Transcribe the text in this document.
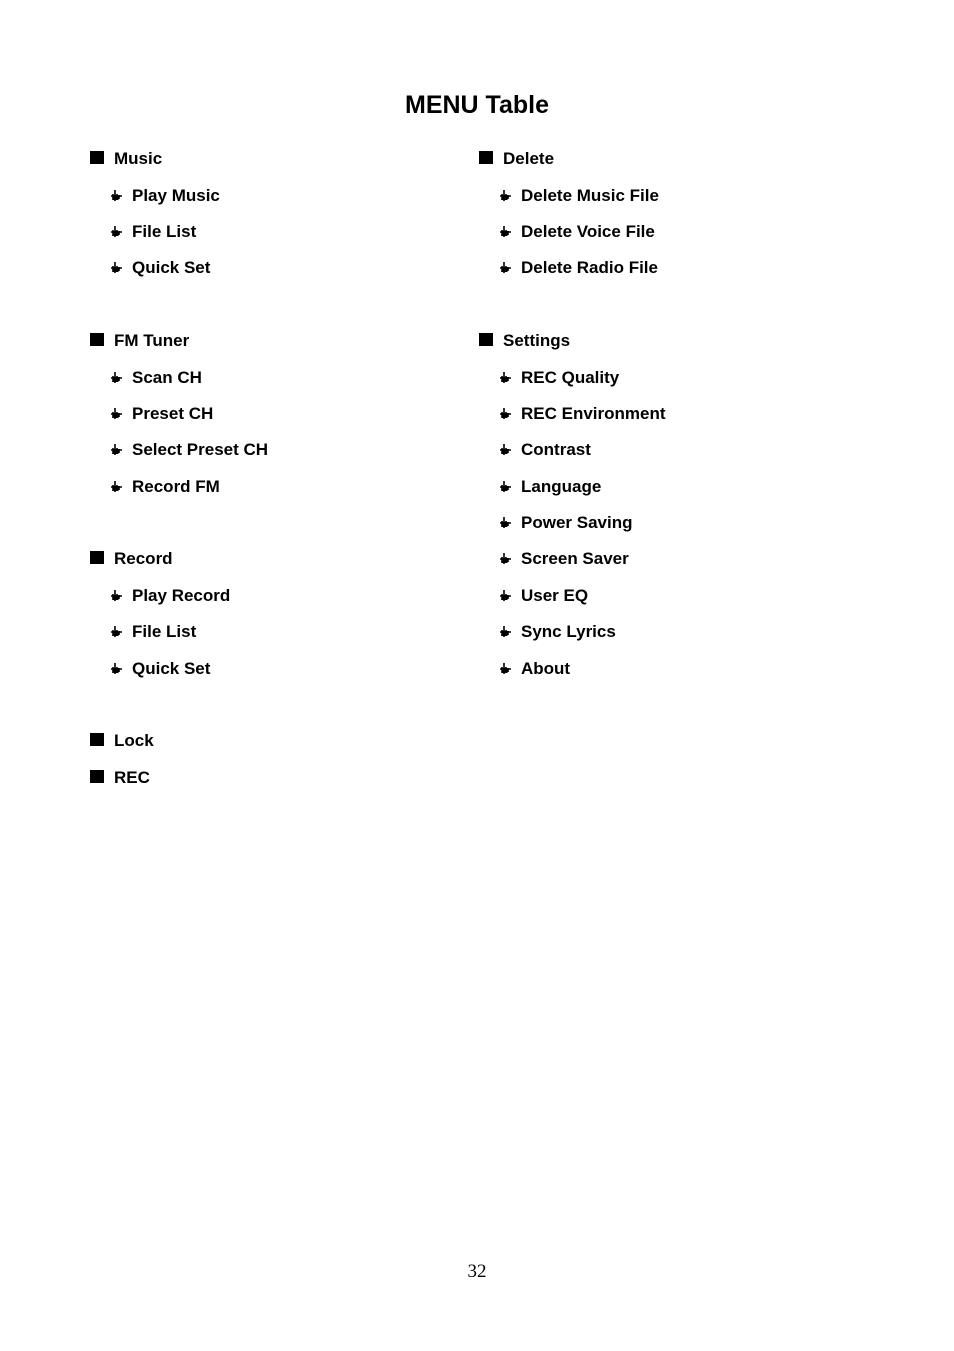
MENU Table
Music
Play Music
File List
Quick Set
FM Tuner
Scan CH
Preset CH
Select Preset CH
Record FM
Record
Play Record
File List
Quick Set
Lock
REC
Delete
Delete Music File
Delete Voice File
Delete Radio File
Settings
REC Quality
REC Environment
Contrast
Language
Power Saving
Screen Saver
User EQ
Sync Lyrics
About

32
